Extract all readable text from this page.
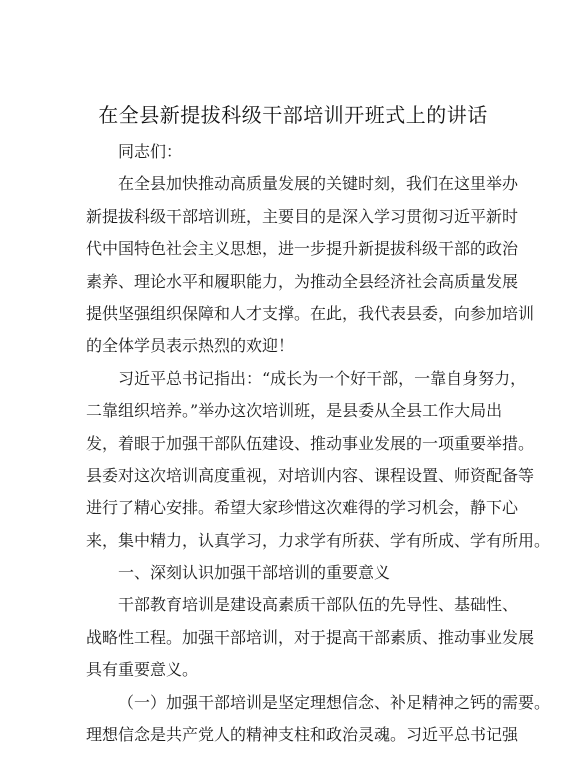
在全县新提拔科级干部培训开班式上的讲话
同志们：
在全县加快推动高质量发展的关键时刻，我们在这里举办
新提拔科级干部培训班，主要目的是深入学习贯彻习近平新时
代中国特色社会主义思想，进一步提升新提拔科级干部的政治
素养、理论水平和履职能力，为推动全县经济社会高质量发展
提供坚强组织保障和人才支撑。在此，我代表县委，向参加培训
的全体学员表示热烈的欢迎！
习近平总书记指出：“成长为一个好干部，一靠自身努力，
二靠组织培养。”举办这次培训班，是县委从全县工作大局出
发，着眼于加强干部队伍建设、推动事业发展的一项重要举措。
县委对这次培训高度重视，对培训内容、课程设置、师资配备等
进行了精心安排。希望大家珍惜这次难得的学习机会，静下心
来，集中精力，认真学习，力求学有所获、学有所成、学有所用。
一、深刻认识加强干部培训的重要意义
干部教育培训是建设高素质干部队伍的先导性、基础性、
战略性工程。加强干部培训，对于提高干部素质、推动事业发展
具有重要意义。
（一）加强干部培训是坚定理想信念、补足精神之钙的需要。
理想信念是共产党人的精神支柱和政治灵魂。习近平总书记强
